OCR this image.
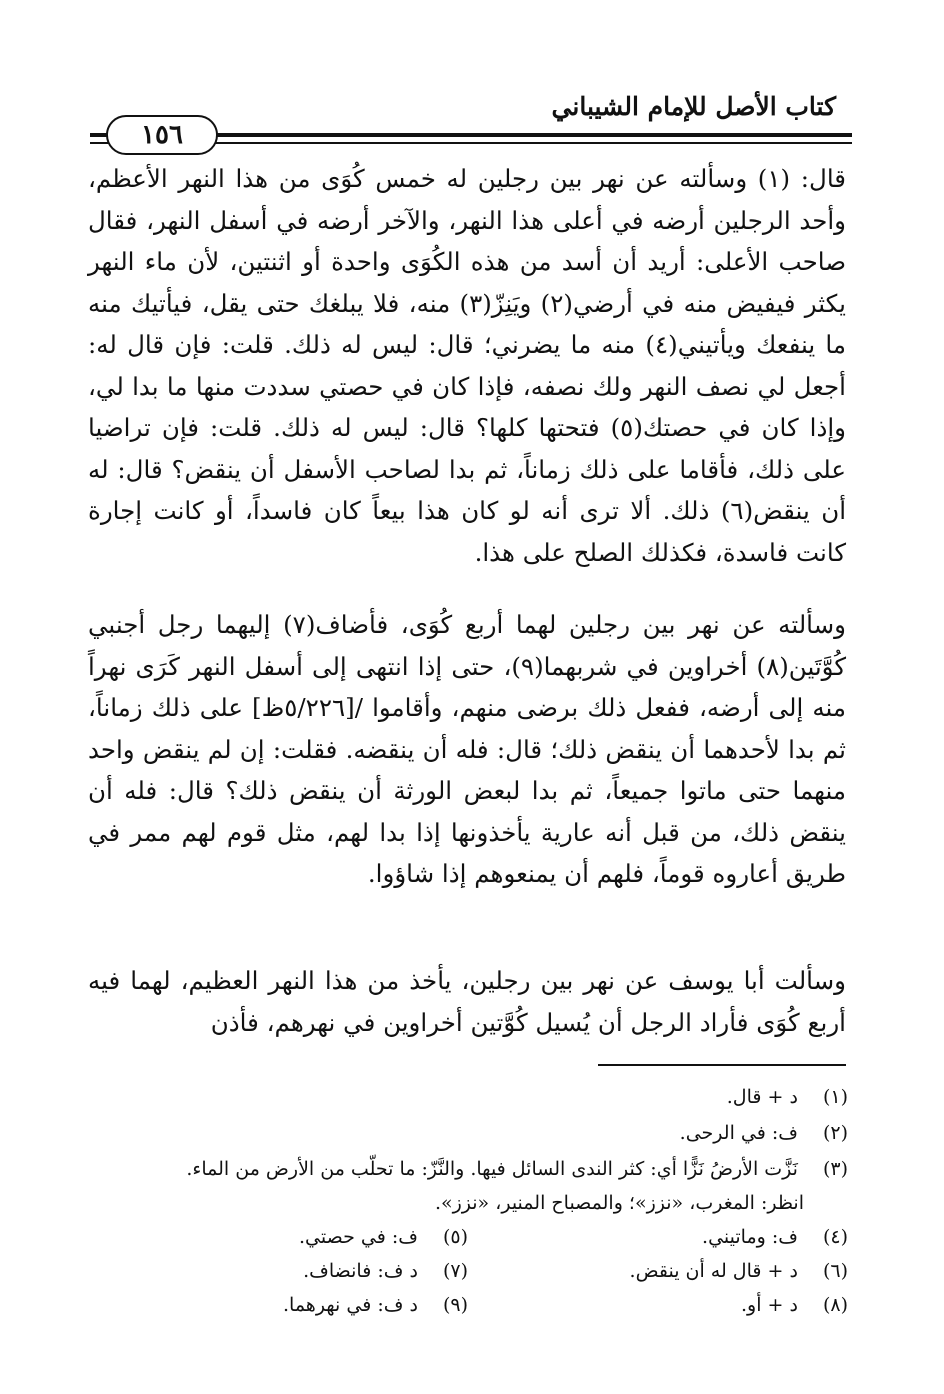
كتاب الأصل للإمام الشيباني
١٥٦

قال: (١) وسألته عن نهر بين رجلين له خمس كُوَى من هذا النهر الأعظم، وأحد الرجلين أرضه في أعلى هذا النهر، والآخر أرضه في أسفل النهر، فقال صاحب الأعلى: أريد أن أسد من هذه الكُوَى واحدة أو اثنتين، لأن ماء النهر يكثر فيفيض منه في أرضي(٢) ويَنِزّ(٣) منه، فلا يبلغك حتى يقل، فيأتيك منه ما ينفعك ويأتيني(٤) منه ما يضرني؛ قال: ليس له ذلك. قلت: فإن قال له: أجعل لي نصف النهر ولك نصفه، فإذا كان في حصتي سددت منها ما بدا لي، وإذا كان في حصتك(٥) فتحتها كلها؟ قال: ليس له ذلك. قلت: فإن تراضيا على ذلك، فأقاما على ذلك زماناً، ثم بدا لصاحب الأسفل أن ينقض؟ قال: له أن ينقض(٦) ذلك. ألا ترى أنه لو كان هذا بيعاً كان فاسداً، أو كانت إجارة كانت فاسدة، فكذلك الصلح على هذا.

وسألته عن نهر بين رجلين لهما أربع كُوَى، فأضاف(٧) إليهما رجل أجنبي كُوَّتَين(٨) أخراوين في شربهما(٩)، حتى إذا انتهى إلى أسفل النهر كَرَى نهراً منه إلى أرضه، ففعل ذلك برضى منهم، وأقاموا /[٥/٢٢٦ظ] على ذلك زماناً، ثم بدا لأحدهما أن ينقض ذلك؛ قال: فله أن ينقضه. فقلت: إن لم ينقض واحد منهما حتى ماتوا جميعاً، ثم بدا لبعض الورثة أن ينقض ذلك؟ قال: فله أن ينقض ذلك، من قبل أنه عارية يأخذونها إذا بدا لهم، مثل قوم لهم ممر في طريق أعاروه قوماً، فلهم أن يمنعوهم إذا شاؤوا.

وسألت أبا يوسف عن نهر بين رجلين، يأخذ من هذا النهر العظيم، لهما فيه أربع كُوَى فأراد الرجل أن يُسيل كُوَّتين أخراوين في نهرهم، فأذن

(١) د + قال.
(٢) ف: في الرحى.
(٣) نَزَّت الأرضُ نَزًّا أي: كثر الندى السائل فيها. والنَّزّ: ما تحلّب من الأرض من الماء.
انظر: المغرب، «نزز»؛ والمصباح المنير، «نزز».
(٤) ف: وماتيني.
(٥) ف: في حصتي.
(٦) د + قال له أن ينقض.
(٧) د ف: فانضاف.
(٨) د + أو.
(٩) د ف: في نهرهما.
